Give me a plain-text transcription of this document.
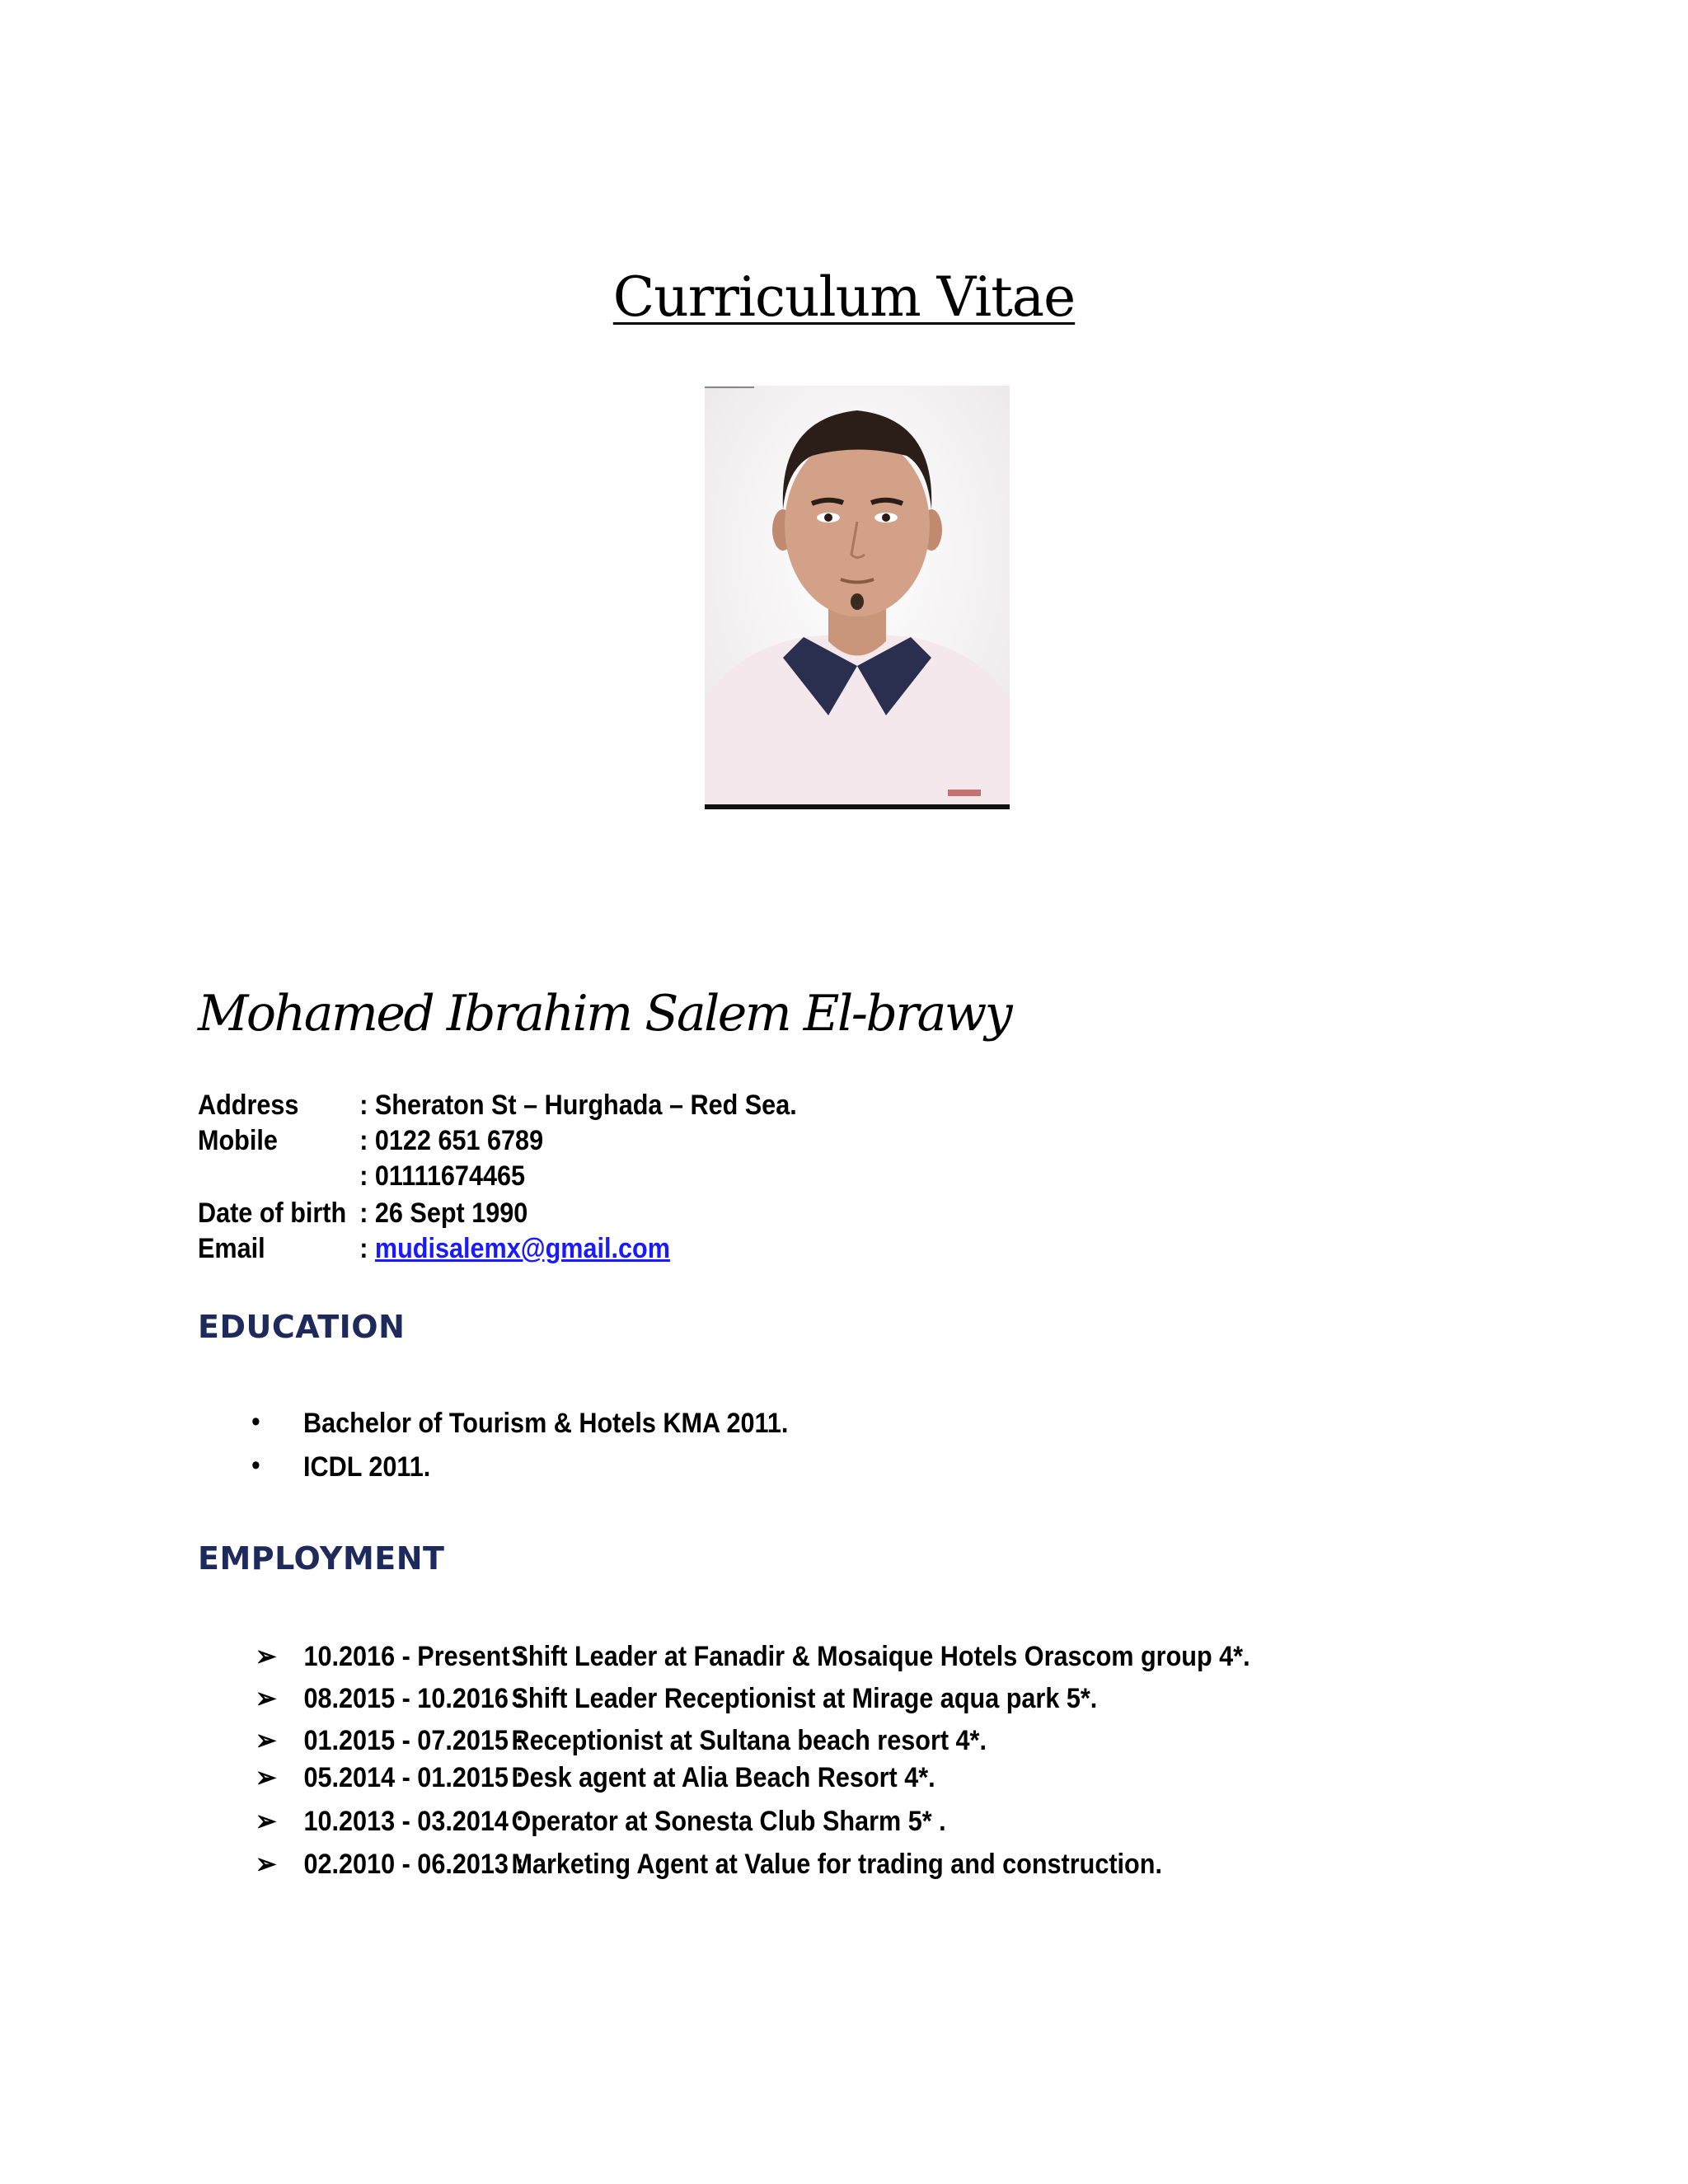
Curriculum Vitae
Mohamed Ibrahim Salem El-brawy
Address : Sheraton St – Hurghada – Red Sea.
Mobile	: 0122 651 6789
: 01111674465
Date of birth : 26 Sept 1990
Email	: mudisalemx@gmail.com
EDUCATION
• Bachelor of Tourism & Hotels KMA 2011.
• ICDL 2011.
EMPLOYMENT
➢ 10.2016 - Present :
Shift Leader at Fanadir & Mosaique Hotels Orascom group 4*.
➢ 08.2015 - 10.2016 :
Shift Leader Receptionist at Mirage aqua park 5*.
➢ 01.2015 - 07.2015 :
Receptionist at Sultana beach resort 4*.
➢ 05.2014 - 01.2015 :
Desk agent at Alia Beach Resort 4*.
➢ 10.2013 - 03.2014 :
Operator at Sonesta Club Sharm 5* .
➢ 02.2010 - 06.2013 :
Marketing Agent at Value for trading and construction.
